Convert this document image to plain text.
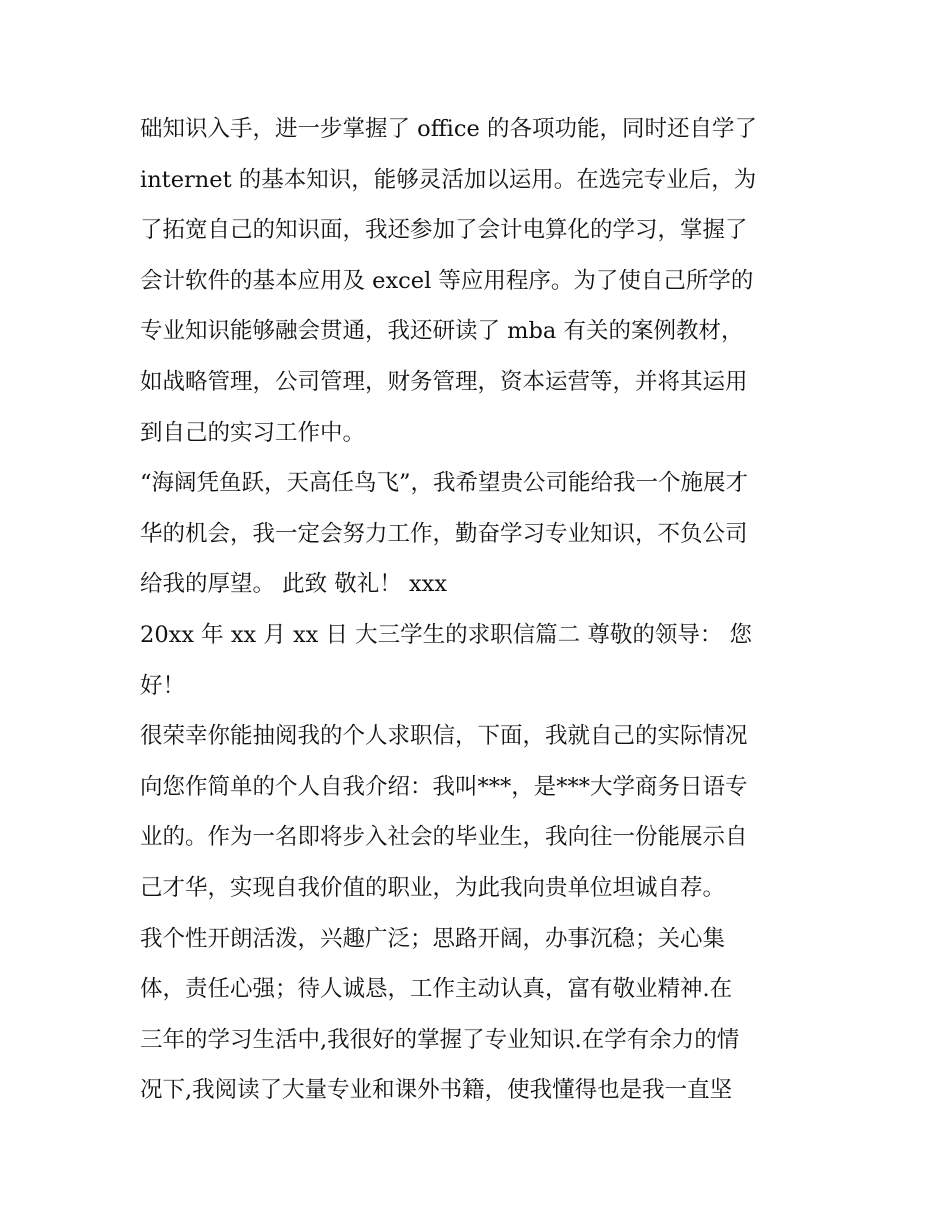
础知识入手，进一步掌握了 office 的各项功能，同时还自学了
internet 的基本知识，能够灵活加以运用。在选完专业后，为
了拓宽自己的知识面，我还参加了会计电算化的学习，掌握了
会计软件的基本应用及 excel 等应用程序。为了使自己所学的
专业知识能够融会贯通，我还研读了 mba 有关的案例教材，
如战略管理，公司管理，财务管理，资本运营等，并将其运用
到自己的实习工作中。
“海阔凭鱼跃，天高任鸟飞”，我希望贵公司能给我一个施展才
华的机会，我一定会努力工作，勤奋学习专业知识，不负公司
给我的厚望。 此致 敬礼！ xxx
20xx 年 xx 月 xx 日 大三学生的求职信篇二 尊敬的领导： 您
好！
很荣幸你能抽阅我的个人求职信，下面，我就自己的实际情况
向您作简单的个人自我介绍：我叫***，是***大学商务日语专
业的。作为一名即将步入社会的毕业生，我向往一份能展示自
己才华，实现自我价值的职业，为此我向贵单位坦诚自荐。
我个性开朗活泼，兴趣广泛；思路开阔，办事沉稳；关心集
体，责任心强；待人诚恳，工作主动认真，富有敬业精神.在
三年的学习生活中,我很好的掌握了专业知识.在学有余力的情
况下,我阅读了大量专业和课外书籍，使我懂得也是我一直坚
